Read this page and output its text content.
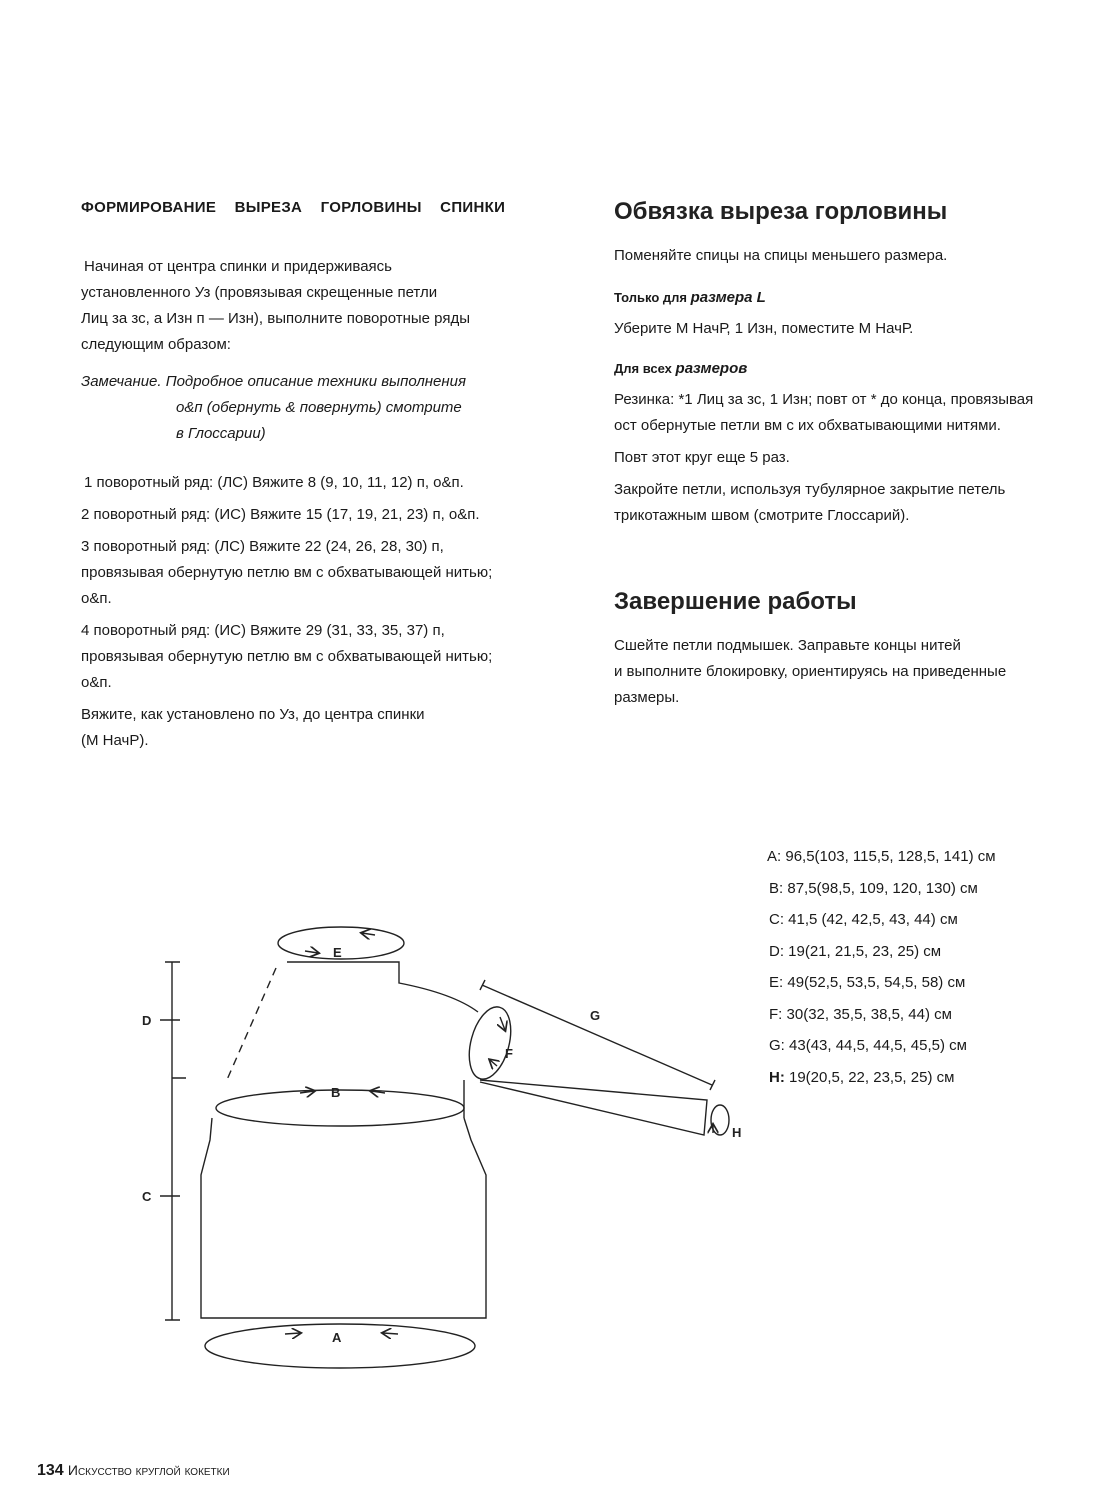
ФОРМИРОВАНИЕ ВЫРЕЗА ГОРЛОВИНЫ СПИНКИ

Начиная от центра спинки и придерживаясь

установленного Уз (провязывая скрещенные петли

Лиц за зс, а Изн п — Изн), выполните поворотные ряды

следующим образом:

Замечание. Подробное описание техники выполнения

о&п (обернуть & повернуть) смотрите

в Глоссарии)

1 поворотный ряд: (ЛС) Вяжите 8 (9, 10, 11, 12) п, о&п.

2 поворотный ряд: (ИС) Вяжите 15 (17, 19, 21, 23) п, о&п.

3 поворотный ряд: (ЛС) Вяжите 22 (24, 26, 28, 30) п,

провязывая обернутую петлю вм с обхватывающей нитью;

о&п.

4 поворотный ряд: (ИС) Вяжите 29 (31, 33, 35, 37) п,

провязывая обернутую петлю вм с обхватывающей нитью;

о&п.

Вяжите, как установлено по Уз, до центра спинки

(М НачР).

Обвязка выреза горловины

Поменяйте спицы на спицы меньшего размера.

Только для размера L

Уберите М НачР, 1 Изн, поместите М НачР.

Для всех размеров

Резинка: *1 Лиц за зс, 1 Изн; повт от * до конца, провязывая

ост обернутые петли вм с их обхватывающими нитями.

Повт этот круг еще 5 раз.

Закройте петли, используя тубулярное закрытие петель

трикотажным швом (смотрите Глоссарий).

Завершение работы

Сшейте петли подмышек. Заправьте концы нитей

и выполните блокировку, ориентируясь на приведенные

размеры.

A: 96,5(103, 115,5, 128,5, 141) см
B: 87,5(98,5, 109, 120, 130) см
C: 41,5 (42, 42,5, 43, 44) см
D: 19(21, 21,5, 23, 25) см
E: 49(52,5, 53,5, 54,5, 58) см
F: 30(32, 35,5, 38,5, 44) см
G: 43(43, 44,5, 44,5, 45,5) см
H: 19(20,5, 22, 23,5, 25) см
E
B
A
D
C
F
G
H
134 Искусство круглой кокетки
